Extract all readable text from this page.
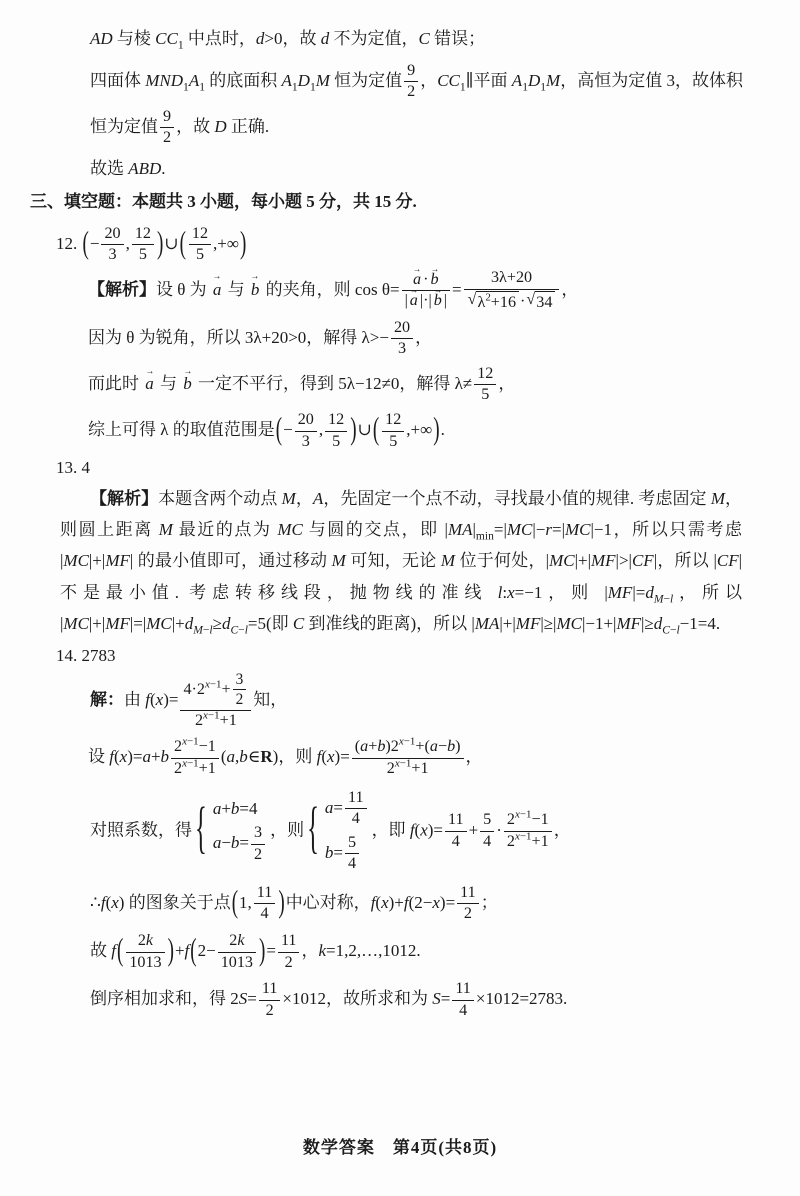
AD 与棱 $CC_1$ 中点时，d>0，故 d 不为定值，C 错误；

四面体 $MND_1A_1$ 的底面积 $A_1D_1M$ 恒为定值 $\frac{9}{2}$ ，$CC_1\parallel$平面 $A_1D_1M$，高恒为定值 3，故体积

恒为定值 $\frac{9}{2}$ ，故 D 正确.

故选 ABD.

三、填空题：本题共 3 小题，每小题 5 分，共 15 分.

12. (− $\frac{20}{3}$ , $\frac{12}{5}$ )∪( $\frac{12}{5}$ ,+∞)

【解析】设 θ 为 a → 与 b → 的夹角，则 $\cos \theta= \frac{a \to \cdot b \to}{| a \to |\cdot| b \to |} = \frac{3\lambda+20}{√ \lambda^2+16 \cdot √ 34}$ ，

因为 θ 为锐角，所以 3λ+20>0，解得 $\lambda>- \frac{20}{3}$ ，

而此时 a → 与 b → 一定不平行，得到 5λ−12≠0，解得 $\lambda\ne \frac{12}{5}$ ，

综上可得 λ 的取值范围是(− $\frac{20}{3}$ , $\frac{12}{5}$ )∪( $\frac{12}{5}$ ,+∞).

13. 4

【解析】本题含两个动点 M，A，先固定一个点不动，寻找最小值的规律. 考虑固定 M，则圆上距离 M 最近的点为 MC 与圆的交点，即 $|MA|_{min}=|MC|-r=|MC|-1$，所以只需考虑 |MC|+|MF| 的最小值即可，通过移动 M 可知，无论 M 位于何处，|MC|+|MF|>|CF|，所以 |CF| 不是最小值. 考虑转移线段，抛物线的准线 l:x=−1，则 $|MF|=d_{M-l}$，所以 $|MC|+|MF|=|MC|+d_{M-l}\ge d_{C-l}=5$(即 C 到准线的距离)，所以 $|MA|+|MF|\ge|MC|-1+|MF|\ge d_{C-l}-1=4$.

14. 2783

解：由 $f(x)= \frac{4\cdot 2^{x-1}+ \frac{3}{2}}{2^{x-1}+1}$ 知，

设 $f(x)=a+b \frac{2^{x-1}-1}{2^{x-1}+1}$ (a,b∈R)，则 $f(x)= \frac{(a+b)2^{x-1}+(a-b)}{2^{x-1}+1}$ ，

对照系数，得 { a+b=4
$a-b= \frac{3}{2}$ ，则 { $a= \frac{11}{4}$
$b= \frac{5}{4}$
，即 $f(x)= \frac{11}{4} + \frac{5}{4} \cdot \frac{2^{x-1}-1}{2^{x-1}+1}$ ，

∴f(x) 的图象关于点(1, $\frac{11}{4}$ )中心对称，$f(x)+f(2-x)= \frac{11}{2}$ ；

故 $f( \frac{2k}{1013} )+f(2- \frac{2k}{1013}$ )= $\frac{11}{2}$ ，k=1,2,…,1012.

倒序相加求和，得 $2S= \frac{11}{2} \times 1012$，故所求和为 $S= \frac{11}{4} \times 1012=2783$.

数学答案　第4页(共8页)
